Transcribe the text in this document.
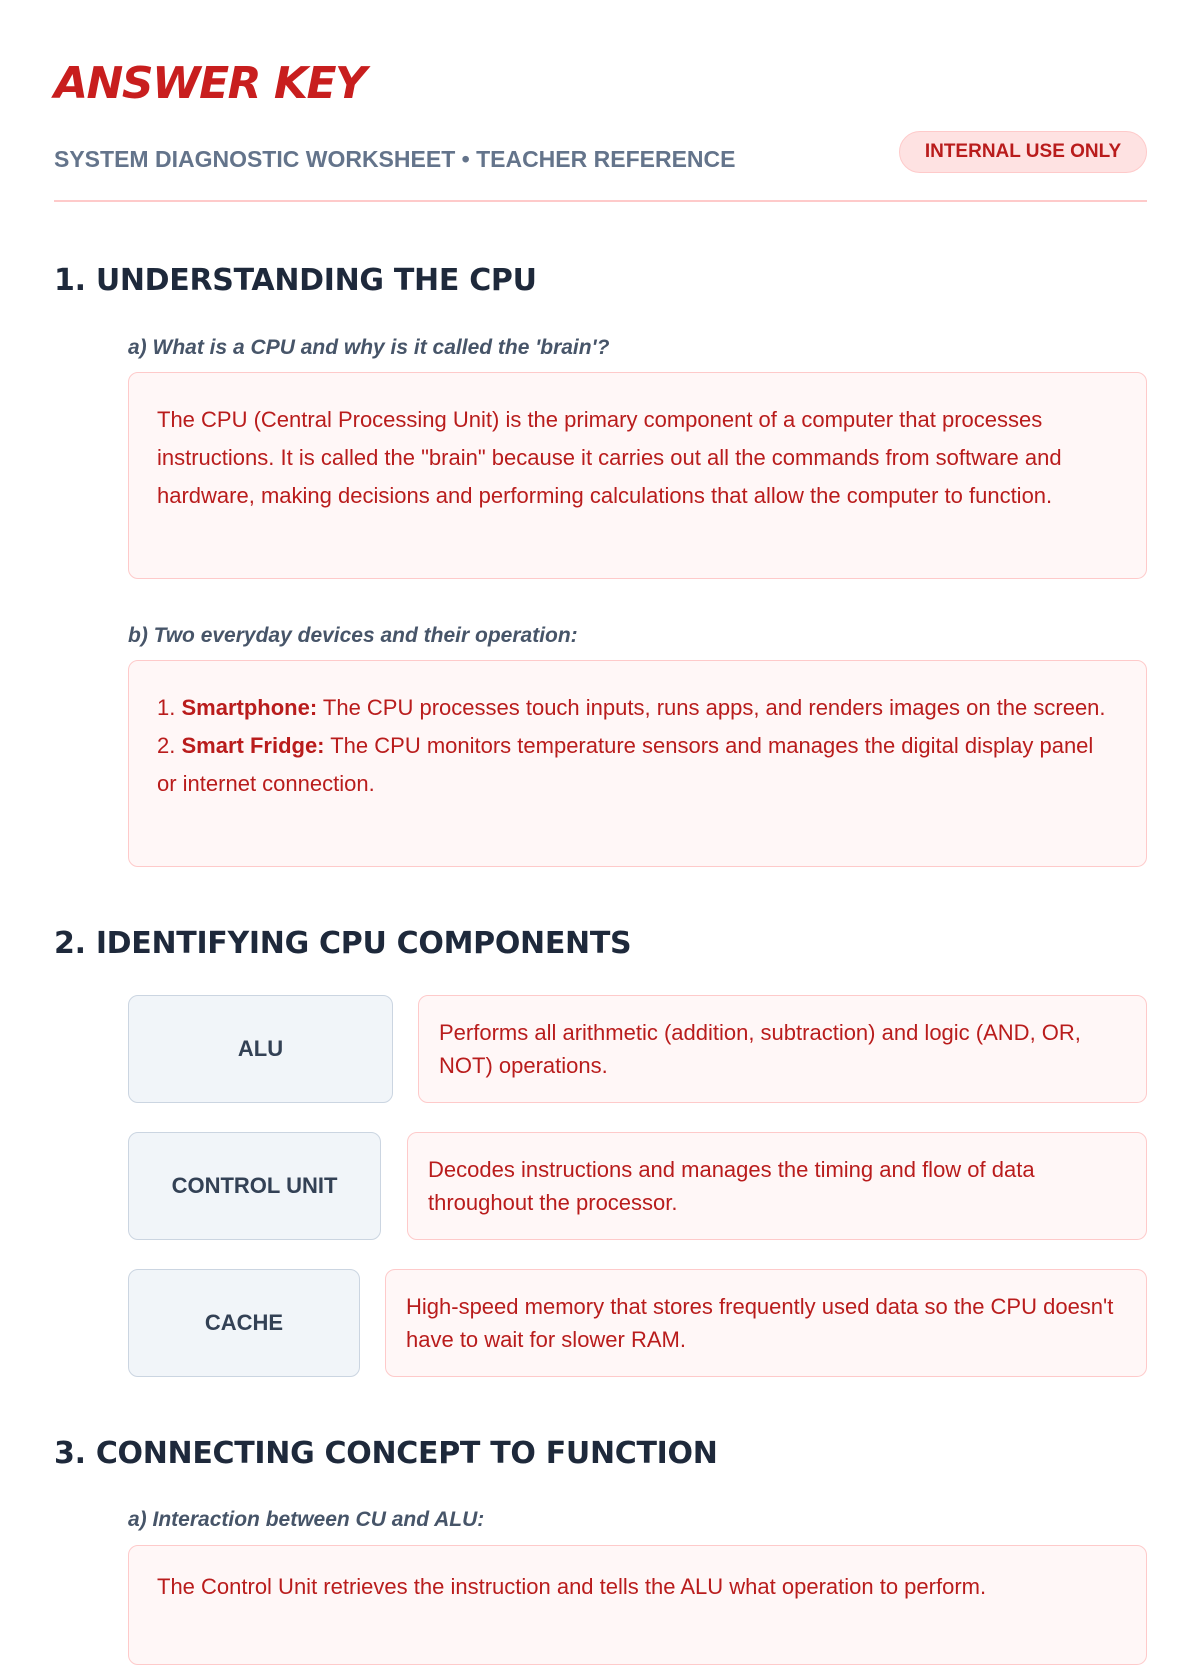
ANSWER KEY
SYSTEM DIAGNOSTIC WORKSHEET • TEACHER REFERENCE	INTERNAL USE ONLY
1. UNDERSTANDING THE CPU
a) What is a CPU and why is it called the 'brain'?

The CPU (Central Processing Unit) is the primary component of a computer that processes instructions. It is called the "brain" because it carries out all the commands from software and hardware, making decisions and performing calculations that allow the computer to function.

b) Two everyday devices and their operation:

1. Smartphone: The CPU processes touch inputs, runs apps, and renders images on the screen.

2. Smart Fridge: The CPU monitors temperature sensors and manages the digital display panel or internet connection.

2. IDENTIFYING CPU COMPONENTS
ALU
Performs all arithmetic (addition, subtraction) and logic (AND, OR, NOT) operations.
CONTROL UNIT
Decodes instructions and manages the timing and flow of data throughout the processor.
CACHE
High-speed memory that stores frequently used data so the CPU doesn't have to wait for slower RAM.
3. CONNECTING CONCEPT TO FUNCTION
a) Interaction between CU and ALU:

The Control Unit retrieves the instruction and tells the ALU what operation to perform.
